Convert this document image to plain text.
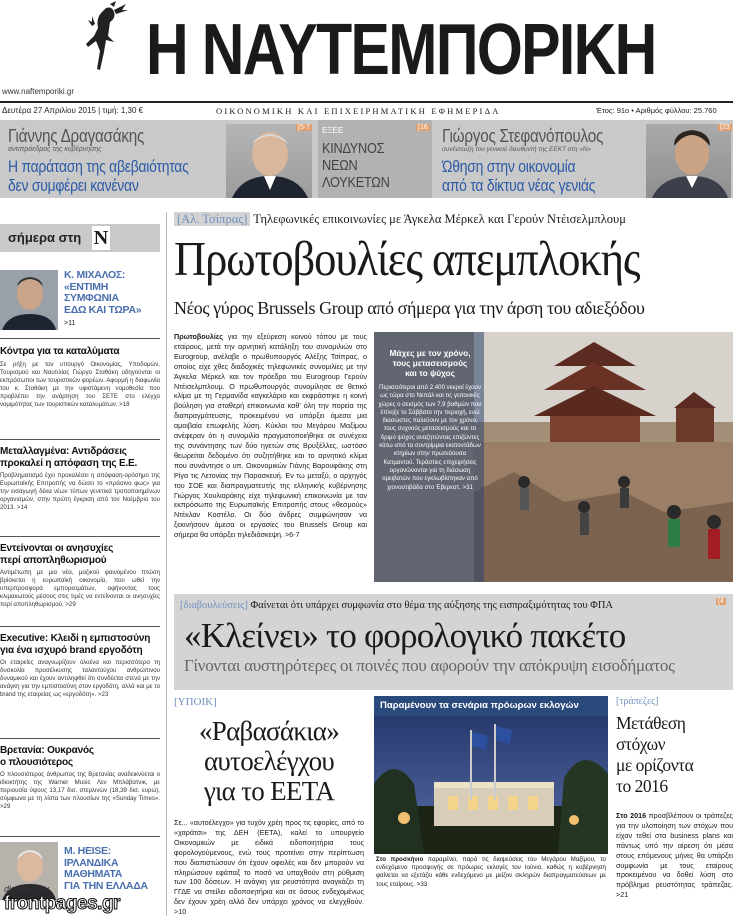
Η ΝΑΥΤΕΜΠΟΡΙΚΗ
www.naftemporiki.gr
Δευτέρα 27 Απριλίου 2015 | τιμή: 1,30 €	ΟΙΚΟΝΟΜΙΚΗ ΚΑΙ ΕΠΙΧΕΙΡΗΜΑΤΙΚΗ ΕΦΗΜΕΡΙΔΑ	Έτος: 91ο • Αριθμός φύλλου: 25.760
Γιάννης Δραγασάκης
αντιπρόεδρος της κυβέρνησης
Η παράταση της αβεβαιότητας
δεν συμφέρει κανέναν
[5-7 ΕΞΕΕ
ΚΙΝΔΥΝΟΣ
ΝΕΩΝ
ΛΟΥΚΕΤΩΝ
[16 Γιώργος Στεφανόπουλος
συνέντευξη του γενικού διευθυντή της ΕΕΚΤ στη «Ν»
Ώθηση στην οικονομία
από τα δίκτυα νέας γενιάς
[23
σήμερα στη Ν
Κ. ΜΙΧΑΛΟΣ:
«ΕΝΤΙΜΗ
ΣΥΜΦΩΝΙΑ
ΕΔΩ ΚΑΙ ΤΩΡΑ»
>11
Κόντρα για τα καταλύματα

Σε ρήξη με τον υπουργό Οικονομίας, Υποδομών, Τουρισμού και Ναυτιλίας Γιώργο Σταθάκη οδηγούνται οι εκπρόσωποι των τουριστικών φορέων. Αφορμή η διαφωνία του κ. Σταθάκη με την υφιστάμενη νομοθεσία που προβλέπει την ανάρτηση του ΣΕΤΕ στο ελεγχο νομιμότητας των τουριστικών καταλυμάτων. >18

Μεταλλαγμένα: Αντιδράσεις
προκαλεί η απόφαση της Ε.Ε.

Προβληματισμό έχει προκαλέσει η απόφαση-ορόσημο της Ευρωπαϊκής Επιτροπής να δώσει το «πράσινο φως» για την εισαγωγή δέκα νέων τύπων γενετικά τροποποιημένων οργανισμών, στην πρώτη έγκριση από τον Νοέμβριο του 2013. >14

Εντείνονται οι ανησυχίες
περί αποπληθωρισμού

Αντιμέτωπη με μια νέα, μαζικού φαινομένου πτώση βρίσκεται η ευρωπαϊκή οικονομία, που ωθεί την υπερπροσφορά εμπορευμάτων, αφήνοντας τους κλιμακωτούς μέσους στις τιμές να εντείνονται οι ανησυχίες περί αποπληθωρισμού. >29

Executive: Κλειδί η εμπιστοσύνη
για ένα ισχυρό brand εργοδότη

Οι εταιρείες αναγνωρίζουν όλοένα και περισσότερο τη δυσκολία προσέλκυσης ταλαντούχου ανθρώπινου δυναμικού και έχουν αντιληφθεί ότι συνδέεται στενά με την ανάγκη για την εμπιστοσύνη στον εργοδότη, αλλά και με το brand της εταιρείας ως «εργοδότη». >23

Βρετανία: Ουκρανός
ο πλουσιότερος

Ο πλουσιότερος άνθρωπος της Βρετανίας αναδεικνύεται ο ιδιοκτήτης της Warner Music Λεν Μπλάβατνικ, με περιουσία ύψους 13,17 δισ. στερλινών (18,39 δισ. ευρώ), σύμφωνα με τη λίστα των πλουσίων της «Sunday Times». >29

Μ. HEISE:
ΙΡΛΑΝΔΙΚΑ
ΜΑΘΗΜΑΤΑ
ΓΙΑ ΤΗΝ ΕΛΛΑΔΑ
[Αλ. Τσίπρας] Τηλεφωνικές επικοινωνίες με Άγκελα Μέρκελ και Γερούν Ντέισελμπλουμ
Πρωτοβουλίες απεμπλοκής
Νέος γύρος Brussels Group από σήμερα για την άρση του αδιεξόδου

Πρωτοβουλίες για την εξεύρεση κοινού τόπου με τους εταίρους, μετά την αρνητική κατάληξη του συνομιλιών στο Eurogroup, ανέλαβε ο πρωθυπουργός Αλέξης Τσίπρας, ο οποίος είχε χθες διαδοχικές τηλεφωνικές συνομιλίες με την Άγκελα Μέρκελ και τον πρόεδρο του Eurogroup Γερούν Ντέισελμπλουμ. Ο πρωθυπουργός συνομίλησε σε θετικό κλίμα με τη Γερμανίδα καγκελάριο και εκφράστηκε η κοινή βούληση για σταθερή επικοινωνία καθ' όλη την πορεία της διαπραγμάτευσης, προκειμένου να υπάρξει άμεσα μια αμοιβαία επωφελής λύση. Κύκλοι του Μεγάρου Μαξίμου ανέφεραν ότι η συνομιλία πραγματοποιήθηκε σε συνέχεια της συνάντησης των δύο ηγετών στις Βρυξέλλες, ωστόσο θεωρείται δεδομένο ότι συζητήθηκε και το αρνητικό κλίμα που συνάντησε ο υπ. Οικονομικών Γιάνης Βαρουφάκης στη Ρίγα τις Λετονίας την Παρασκευή. Εν τω μεταξύ, ο αρχηγός του ΣΟΕ και διαπραγματευτής της ελληνικής κυβέρνησης Γιώργος Χουλιαράκης είχε τηλεφωνική επικοινωνία με τον εκπρόσωπο της Ευρωπαϊκής Επιτροπής στους «θεσμούς» Ντέκλαν Κοστέλο. Οι δύο άνδρες συμφώνησαν να ξεκινήσουν άμεσα οι εργασίες του Brussels Group και σήμερα θα υπάρξει τηλεδιάσκεψη. >6-7

Μάχες με τον χρόνο,
τους μετασεισμούς
και το ψύχος
Περισσότεροι από 2.400 νεκροί έχουν ως τώρα στο Νεπάλ και τις γειτονικές χώρες ο σεισμός των 7,9 βαθμών που έπληξε το Σάββατο την περιοχή, ενώ διασώστες παλεύουν με τον χρόνο, τους συχνούς μετασεισμούς και το δριμύ ψύχος αναζητώντας επιζώντες κάτω από τα συντρίμμια εκατοντάδων κτηρίων στην πρωτεύουσα Κατμαντού. Τεράστιες επιχειρήσεις οργανώνονται για τη διάσωση ορειβατών που εγκλωβίστηκαν από χιονοστιβάδα στο Έβερεστ. >31
[διαβουλεύσεις] Φαίνεται ότι υπάρχει συμφωνία στο θέμα της αύξησης της εισπραξιμότητας του ΦΠΑ	[4
«Κλείνει» το φορολογικό πακέτο
Γίνονται αυστηρότερες οι ποινές που αφορούν την απόκρυψη εισοδήματος
[ΥΠΟΙΚ]
«Ραβασάκια»
αυτοελέγχου
για το ΕΕΤΑ

Σε... «αυτοέλεγχο» για τυχόν χρέη προς τις εφορίες, από το «χαράτσι» της ΔΕΗ (ΕΕΤΑ), καλεί το υπουργείο Οικονομικών με ειδικά ειδοποιητήρια τους φορολογούμενους, ενώ τους προτείνει στην περίπτωση που διαπιστώσουν ότι έχουν οφειλές και δεν μπορούν να πληρώσουν εφάπαξ το ποσό να υπαχθούν στη ρύθμιση των 100 δόσεων. Η ανάγκη για ρευστότητα αναγκάζει τη ΓΓΔΕ να στείλει ειδοποιητήρια και σε όσους ενδεχομένως δεν έχουν χρέη αλλά δεν υπάρχει χρόνος να ελεγχθούν. >10

Παραμένουν τα σενάρια πρόωρων εκλογών

Στο προσκήνιο παραμένει, παρά τις διαψεύσεις του Μεγάρου Μαξίμου, το ενδεχόμενο προσφυγής σε πρόωρες εκλογές τον Ιούνιο, καθώς η κυβέρνηση φαίνεται να εξετάζει κάθε ενδεχόμενο με μείζον σκληρών διαπραγματεύσεων με τους εταίρους. >33

[τράπεζες]
Μετάθεση
στόχων
με ορίζοντα
το 2016

Στο 2016 προσβλέπουν οι τράπεζες για την υλοποίηση των στόχων που είχαν τεθεί στα business plans και πάντως υπό την αίρεση ότι μέσα στους επόμενους μήνες θα υπάρξει συμφωνία με τους εταίρους προκειμένου να δοθεί λύση στο πρόβλημα ρευστότητας τράπεζας. >21

digitized by
frontpages.gr
